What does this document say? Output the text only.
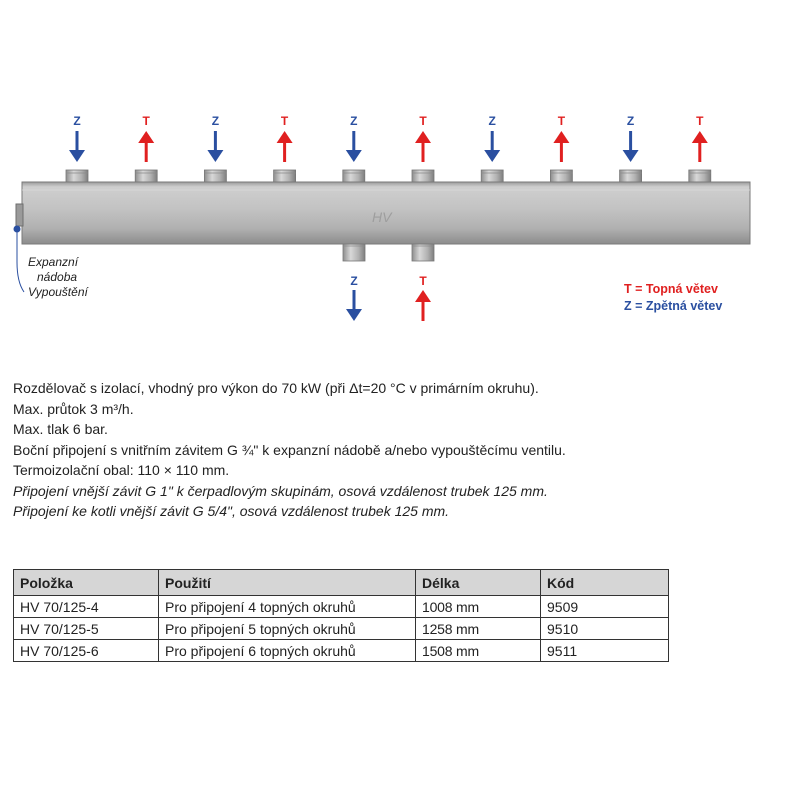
HV
Z	T	Z	T	Z	T	Z	T	Z	T
Z	T
Expanzní
nádoba
Vypouštění	T = Topná větev
Z = Zpětná větev
Rozdělovač s izolací, vhodný pro výkon do 70 kW (při Δt=20 °C v primárním okruhu).
Max. průtok 3 m³/h.
Max. tlak 6 bar.
Boční připojení s vnitřním závitem G ¾" k expanzní nádobě a/nebo vypouštěcímu ventilu.
Termoizolační obal: 110 × 110 mm.
Připojení vnější závit G 1" k čerpadlovým skupinám, osová vzdálenost trubek 125 mm.
Připojení ke kotli vnější závit G 5/4", osová vzdálenost trubek 125 mm.
Položka	Použití	Délka	Kód
HV 70/125-4	Pro připojení 4 topných okruhů	1008 mm	9509
HV 70/125-5	Pro připojení 5 topných okruhů	1258 mm	9510
HV 70/125-6	Pro připojení 6 topných okruhů	1508 mm	9511
